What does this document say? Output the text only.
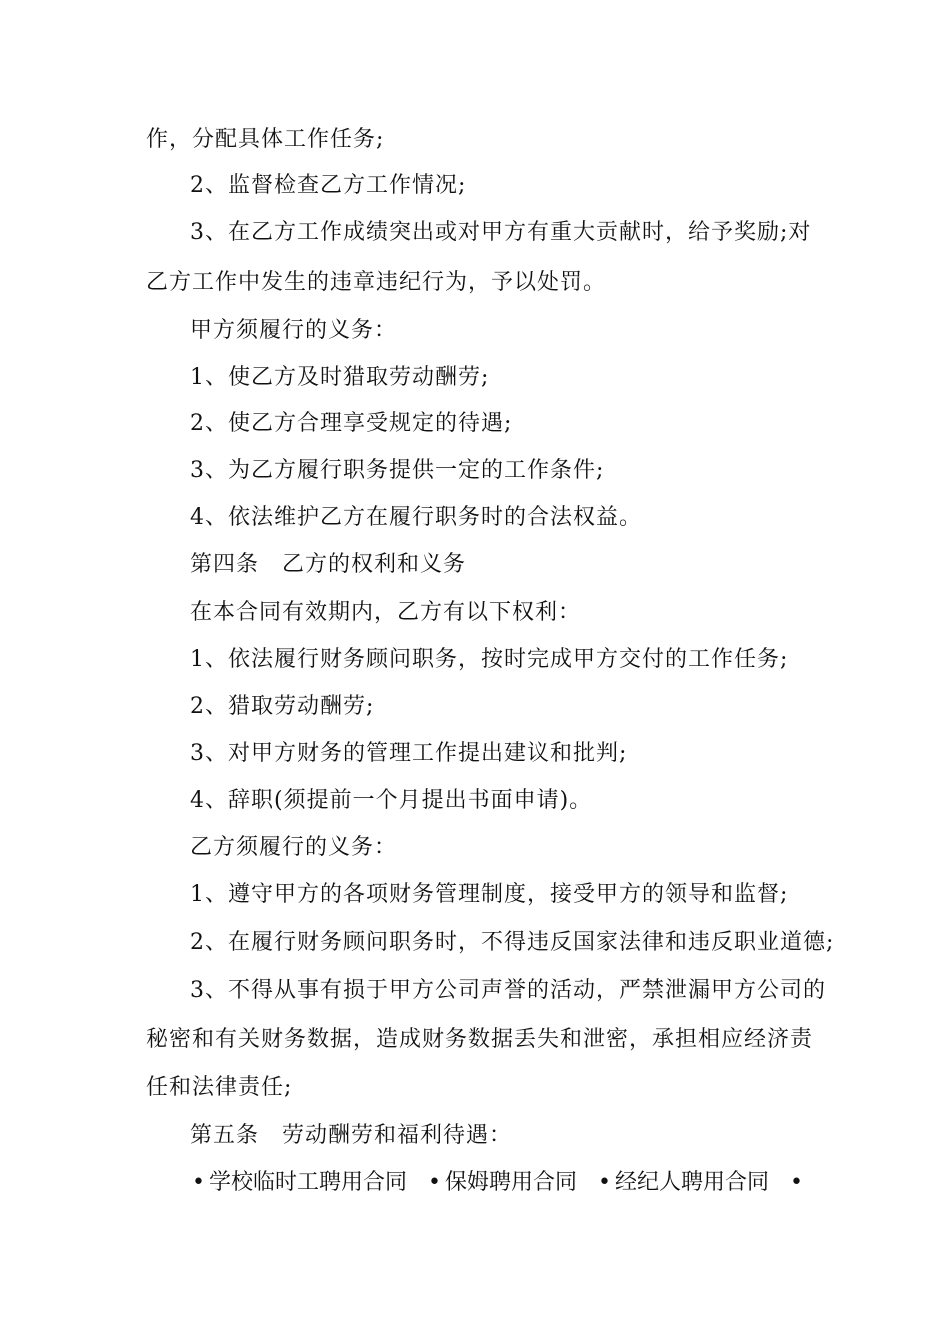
作，分配具体工作任务;
2、监督检查乙方工作情况;
3、在乙方工作成绩突出或对甲方有重大贡献时，给予奖励;对
乙方工作中发生的违章违纪行为，予以处罚。
甲方须履行的义务：
1、使乙方及时猎取劳动酬劳;
2、使乙方合理享受规定的待遇;
3、为乙方履行职务提供一定的工作条件;
4、依法维护乙方在履行职务时的合法权益。
第四条　乙方的权利和义务
在本合同有效期内，乙方有以下权利：
1、依法履行财务顾问职务，按时完成甲方交付的工作任务;
2、猎取劳动酬劳;
3、对甲方财务的管理工作提出建议和批判;
4、辞职(须提前一个月提出书面申请)。
乙方须履行的义务：
1、遵守甲方的各项财务管理制度，接受甲方的领导和监督;
2、在履行财务顾问职务时，不得违反国家法律和违反职业道德;
3、不得从事有损于甲方公司声誉的活动，严禁泄漏甲方公司的
秘密和有关财务数据，造成财务数据丢失和泄密，承担相应经济责
任和法律责任;
第五条　劳动酬劳和福利待遇：
• 学校临时工聘用合同 • 保姆聘用合同 • 经纪人聘用合同 •
